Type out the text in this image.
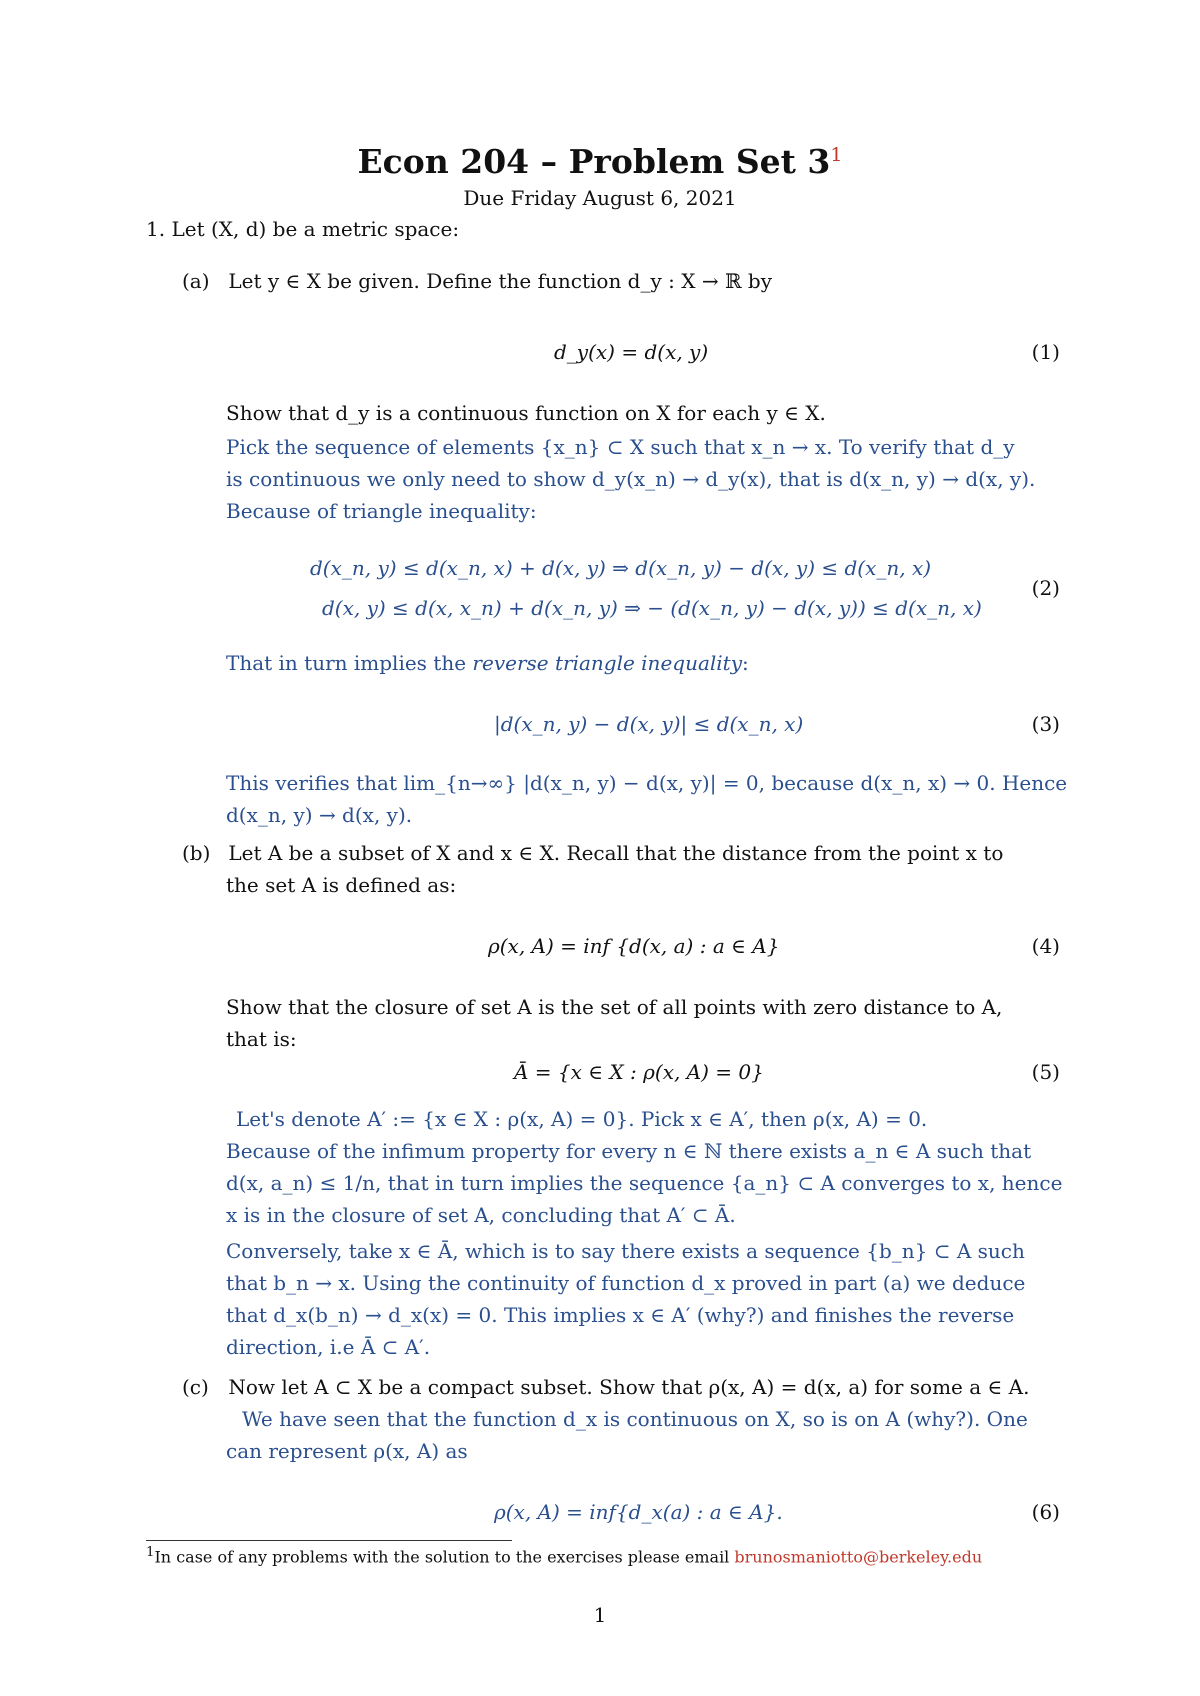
Econ 204 – Problem Set $3^1$
Due Friday August 6, 2021
1. Let (X, d) be a metric space:
(a) Let y ∈ X be given. Define the function d_y : X → ℝ by
d_y(x) = d(x, y)	(1)
Show that d_y is a continuous function on X for each y ∈ X.
Pick the sequence of elements {x_n} ⊂ X such that x_n → x. To verify that d_y
is continuous we only need to show d_y(x_n) → d_y(x), that is d(x_n, y) → d(x, y).
Because of triangle inequality:
d(x_n, y) ≤ d(x_n, x) + d(x, y) ⇒ d(x_n, y) − d(x, y) ≤ d(x_n, x)
d(x, y) ≤ d(x, x_n) + d(x_n, y) ⇒ − (d(x_n, y) − d(x, y)) ≤ d(x_n, x)
(2)
That in turn implies the reverse triangle inequality:
|d(x_n, y) − d(x, y)| ≤ d(x_n, x)	(3)
This verifies that lim_{n→∞} |d(x_n, y) − d(x, y)| = 0, because d(x_n, x) → 0. Hence
d(x_n, y) → d(x, y).
(b) Let A be a subset of X and x ∈ X. Recall that the distance from the point x to
the set A is defined as:
ρ(x, A) = inf {d(x, a) : a ∈ A}	(4)
Show that the closure of set A is the set of all points with zero distance to A,
that is:
Ā = {x ∈ X : ρ(x, A) = 0}	(5)
Let's denote A′ := {x ∈ X : ρ(x, A) = 0}. Pick x ∈ A′, then ρ(x, A) = 0.
Because of the infimum property for every n ∈ ℕ there exists a_n ∈ A such that
d(x, a_n) ≤ 1/n, that in turn implies the sequence {a_n} ⊂ A converges to x, hence
x is in the closure of set A, concluding that A′ ⊂ Ā.
Conversely, take x ∈ Ā, which is to say there exists a sequence {b_n} ⊂ A such
that b_n → x. Using the continuity of function d_x proved in part (a) we deduce
that d_x(b_n) → d_x(x) = 0. This implies x ∈ A′ (why?) and finishes the reverse
direction, i.e Ā ⊂ A′.
(c) Now let A ⊂ X be a compact subset. Show that ρ(x, A) = d(x, a) for some a ∈ A.
We have seen that the function d_x is continuous on X, so is on A (why?). One
can represent ρ(x, A) as
ρ(x, A) = inf{d_x(a) : a ∈ A}.	(6)
$^1$In case of any problems with the solution to the exercises please email brunosmaniotto@berkeley.edu
1
